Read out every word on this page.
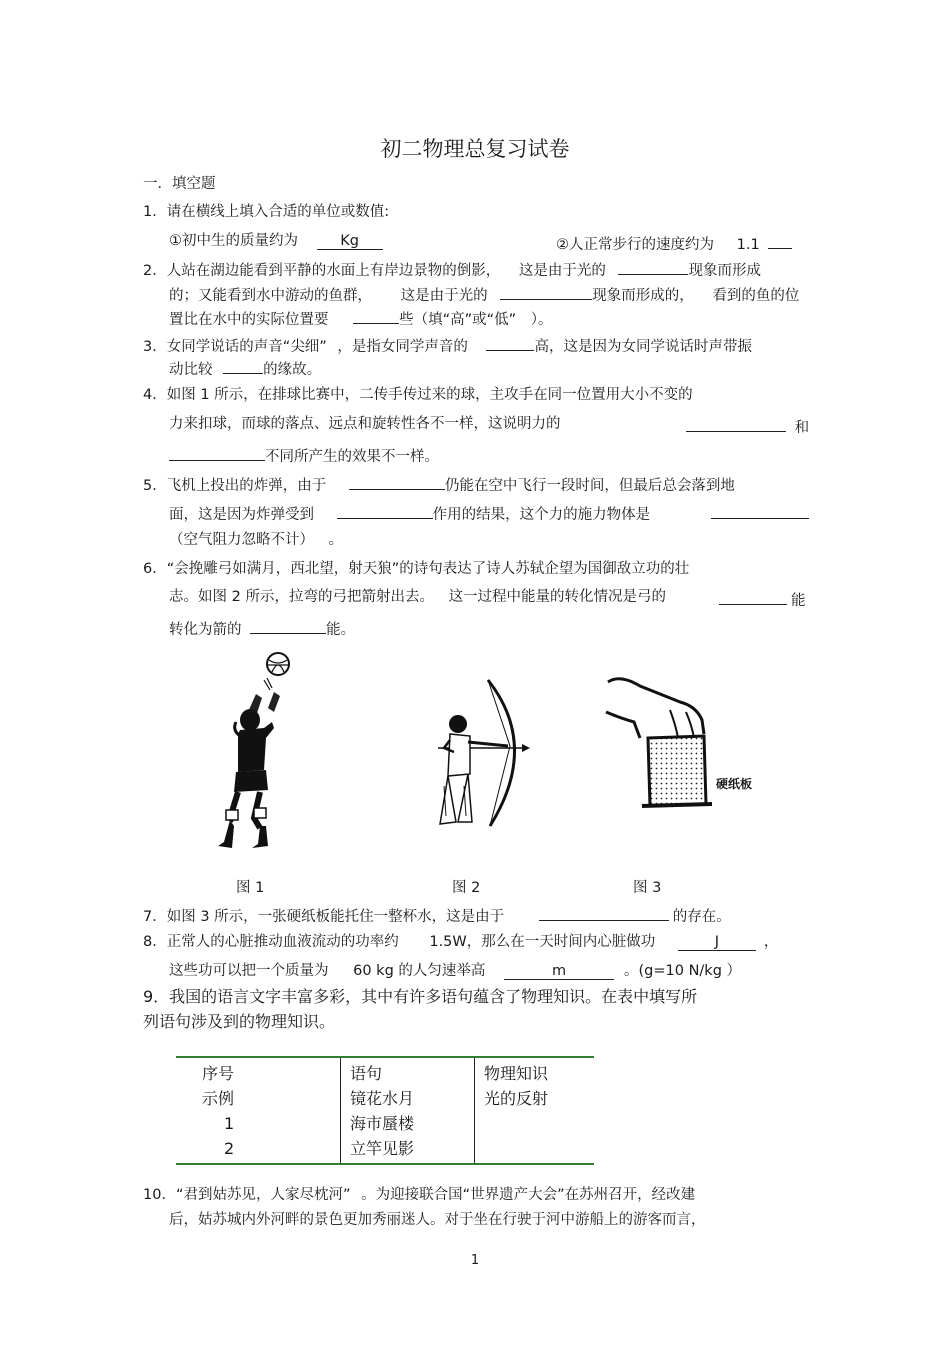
初二物理总复习试卷
一．填空题
1．请在横线上填入合适的单位或数值:
①初中生的质量约为	Kg	②人正常步行的速度约为 1.1
2．人站在湖边能看到平静的水面上有岸边景物的倒影， 这是由于光的	现象而形成
的；又能看到水中游动的鱼群， 这是由于光的	现象而形成的， 看到的鱼的位
置比在水中的实际位置要	些（填“高”或“低” ）。
3．女同学说话的声音“尖细” ，是指女同学声音的	高，这是因为女同学说话时声带振
动比较	的缘故。
4．如图 1 所示，在排球比赛中，二传手传过来的球，主攻手在同一位置用大小不变的
力来扣球，而球的落点、远点和旋转性各不一样，这说明力的	和
不同所产生的效果不一样。
5．飞机上投出的炸弹，由于	仍能在空中飞行一段时间，但最后总会落到地
面，这是因为炸弹受到	作用的结果，这个力的施力物体是
（空气阻力忽略不计） 。
6．“会挽雕弓如满月，西北望，射天狼”的诗句表达了诗人苏轼企望为国御敌立功的壮
志。如图 2 所示，拉弯的弓把箭射出去。 这一过程中能量的转化情况是弓的	能
转化为箭的	能。
硬纸板
图 1	图 2	图 3
7．如图 3 所示，一张硬纸板能托住一整杯水，这是由于	的存在。
8．正常人的心脏推动血液流动的功率约 1.5W，那么在一天时间内心脏做功	J	，
这些功可以把一个质量为 60 kg 的人匀速举高	m	。(g=10 N/kg ）
9．我国的语言文字丰富多彩，其中有许多语句蕴含了物理知识。在表中填写所
列语句涉及到的物理知识。
序号	语句	物理知识
示例	镜花水月	光的反射
1	海市蜃楼	
2	立竿见影	
10．“君到姑苏见，人家尽枕河” 。为迎接联合国“世界遗产大会”在苏州召开，经改建
后，姑苏城内外河畔的景色更加秀丽迷人。对于坐在行驶于河中游船上的游客而言，
1
